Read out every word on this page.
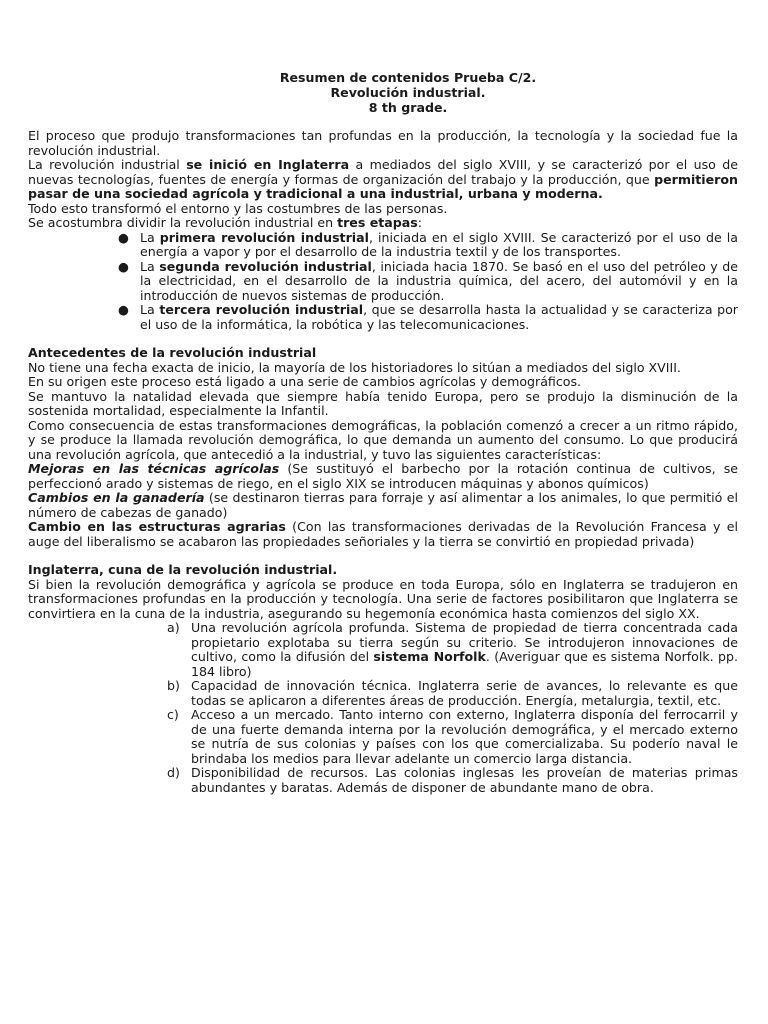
Resumen de contenidos Prueba C/2.
Revolución industrial.
8 th grade.

El proceso que produjo transformaciones tan profundas en la producción, la tecnología y la sociedad fue la revolución industrial.

La revolución industrial se inició en Inglaterra a mediados del siglo XVIII, y se caracterizó por el uso de nuevas tecnologías, fuentes de energía y formas de organización del trabajo y la producción, que permitieron pasar de una sociedad agrícola y tradicional a una industrial, urbana y moderna.

Todo esto transformó el entorno y las costumbres de las personas.

Se acostumbra dividir la revolución industrial en tres etapas:

● La primera revolución industrial, iniciada en el siglo XVIII. Se caracterizó por el uso de la energía a vapor y por el desarrollo de la industria textil y de los transportes.
● La segunda revolución industrial, iniciada hacia 1870. Se basó en el uso del petróleo y de la electricidad, en el desarrollo de la industria química, del acero, del automóvil y en la introducción de nuevos sistemas de producción.
● La tercera revolución industrial, que se desarrolla hasta la actualidad y se caracteriza por el uso de la informática, la robótica y las telecomunicaciones.

Antecedentes de la revolución industrial

No tiene una fecha exacta de inicio, la mayoría de los historiadores lo sitúan a mediados del siglo XVIII.

En su origen este proceso está ligado a una serie de cambios agrícolas y demográficos.

Se mantuvo la natalidad elevada que siempre había tenido Europa, pero se produjo la disminución de la sostenida mortalidad, especialmente la Infantil.

Como consecuencia de estas transformaciones demográficas, la población comenzó a crecer a un ritmo rápido, y se produce la llamada revolución demográfica, lo que demanda un aumento del consumo. Lo que producirá una revolución agrícola, que antecedió a la industrial, y tuvo las siguientes características:

Mejoras en las técnicas agrícolas (Se sustituyó el barbecho por la rotación continua de cultivos, se perfeccionó arado y sistemas de riego, en el siglo XIX se introducen máquinas y abonos químicos)

Cambios en la ganadería (se destinaron tierras para forraje y así alimentar a los animales, lo que permitió el número de cabezas de ganado)

Cambio en las estructuras agrarias (Con las transformaciones derivadas de la Revolución Francesa y el auge del liberalismo se acabaron las propiedades señoriales y la tierra se convirtió en propiedad privada)

Inglaterra, cuna de la revolución industrial.

Si bien la revolución demográfica y agrícola se produce en toda Europa, sólo en Inglaterra se tradujeron en transformaciones profundas en la producción y tecnología. Una serie de factores posibilitaron que Inglaterra se convirtiera en la cuna de la industria, asegurando su hegemonía económica hasta comienzos del siglo XX.

a) Una revolución agrícola profunda. Sistema de propiedad de tierra concentrada cada propietario explotaba su tierra según su criterio. Se introdujeron innovaciones de cultivo, como la difusión del sistema Norfolk. (Averiguar que es sistema Norfolk. pp. 184 libro)
b) Capacidad de innovación técnica. Inglaterra serie de avances, lo relevante es que todas se aplicaron a diferentes áreas de producción. Energía, metalurgia, textil, etc.
c) Acceso a un mercado. Tanto interno con externo, Inglaterra disponía del ferrocarril y de una fuerte demanda interna por la revolución demográfica, y el mercado externo se nutría de sus colonias y países con los que comercializaba. Su poderío naval le brindaba los medios para llevar adelante un comercio larga distancia.
d) Disponibilidad de recursos. Las colonias inglesas les proveían de materias primas abundantes y baratas. Además de disponer de abundante mano de obra.
